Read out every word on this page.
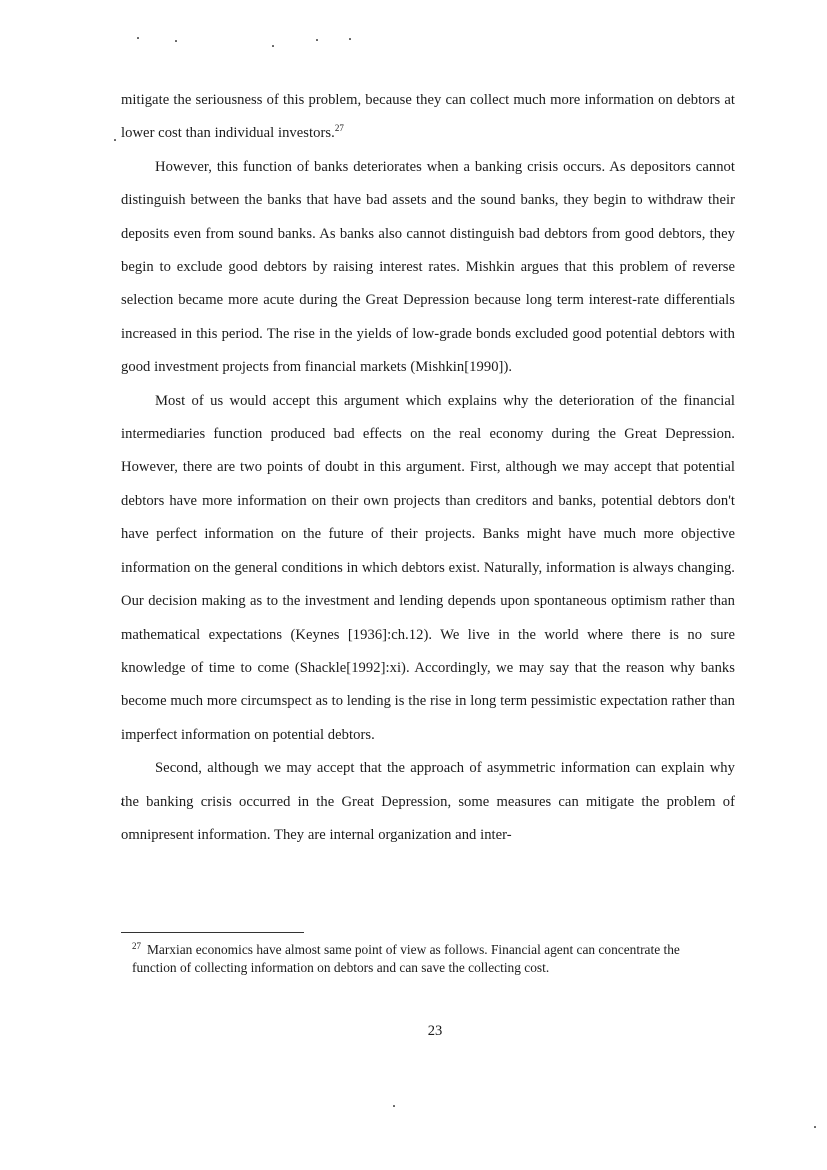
mitigate the seriousness of this problem, because they can collect much more information on debtors at lower cost than individual investors.$^{27}$

However, this function of banks deteriorates when a banking crisis occurs. As depositors cannot distinguish between the banks that have bad assets and the sound banks, they begin to withdraw their deposits even from sound banks. As banks also cannot distinguish bad debtors from good debtors, they begin to exclude good debtors by raising interest rates. Mishkin argues that this problem of reverse selection became more acute during the Great Depression because long term interest-rate differentials increased in this period. The rise in the yields of low-grade bonds excluded good potential debtors with good investment projects from financial markets (Mishkin[1990]).

Most of us would accept this argument which explains why the deterioration of the financial intermediaries function produced bad effects on the real economy during the Great Depression. However, there are two points of doubt in this argument. First, although we may accept that potential debtors have more information on their own projects than creditors and banks, potential debtors don't have perfect information on the future of their projects. Banks might have much more objective information on the general conditions in which debtors exist. Naturally, information is always changing. Our decision making as to the investment and lending depends upon spontaneous optimism rather than mathematical expectations (Keynes [1936]:ch.12). We live in the world where there is no sure knowledge of time to come (Shackle[1992]:xi). Accordingly, we may say that the reason why banks become much more circumspect as to lending is the rise in long term pessimistic expectation rather than imperfect information on potential debtors.

Second, although we may accept that the approach of asymmetric information can explain why the banking crisis occurred in the Great Depression, some measures can mitigate the problem of omnipresent information. They are internal organization and inter-

$^{27}$ Marxian economics have almost same point of view as follows. Financial agent can concentrate the function of collecting information on debtors and can save the collecting cost.
23
